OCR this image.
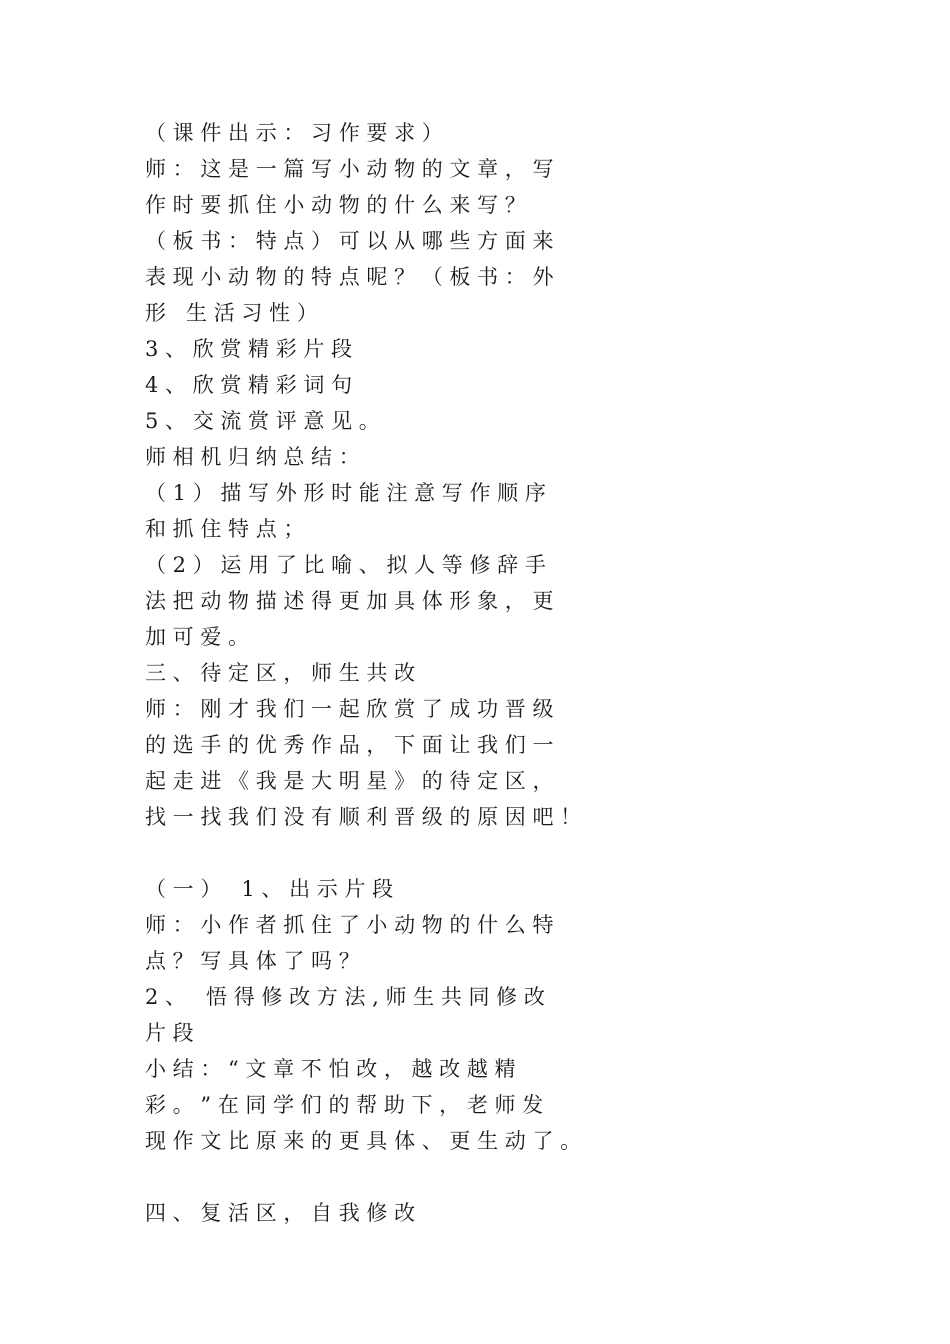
（ 课 件 出 示 ： 习 作 要 求 ）
师 ： 这 是 一 篇 写 小 动 物 的 文 章 ， 写
作 时 要 抓 住 小 动 物 的 什 么 来 写 ？
（ 板 书 ： 特 点 ） 可 以 从 哪 些 方 面 来
表 现 小 动 物 的 特 点 呢 ？ （ 板 书 ： 外
形   生 活 习 性 ）
3 、 欣 赏 精 彩 片 段
4 、 欣 赏 精 彩 词 句
5 、 交 流 赏 评 意 见 。
师 相 机 归 纳 总 结 ：
（ 1 ） 描 写 外 形 时 能 注 意 写 作 顺 序
和 抓 住 特 点 ；
（ 2 ） 运 用 了 比 喻 、 拟 人 等 修 辞 手
法 把 动 物 描 述 得 更 加 具 体 形 象 ， 更
加 可 爱 。
三 、 待 定 区 ， 师 生 共 改
师 ： 刚 才 我 们 一 起 欣 赏 了 成 功 晋 级
的 选 手 的 优 秀 作 品 ， 下 面 让 我 们 一
起 走 进 《 我 是 大 明 星 》 的 待 定 区 ，
找 一 找 我 们 没 有 顺 利 晋 级 的 原 因 吧 ！
（ 一 ）   1 、 出 示 片 段
师 ： 小 作 者 抓 住 了 小 动 物 的 什 么 特
点 ？ 写 具 体 了 吗 ？
2 、   悟 得 修 改 方 法 , 师 生 共 同 修 改
片 段
小 结 ： “ 文 章 不 怕 改 ， 越 改 越 精
彩 。 ” 在 同 学 们 的 帮 助 下 ， 老 师 发
现 作 文 比 原 来 的 更 具 体 、 更 生 动 了 。
四 、 复 活 区 ， 自 我 修 改
